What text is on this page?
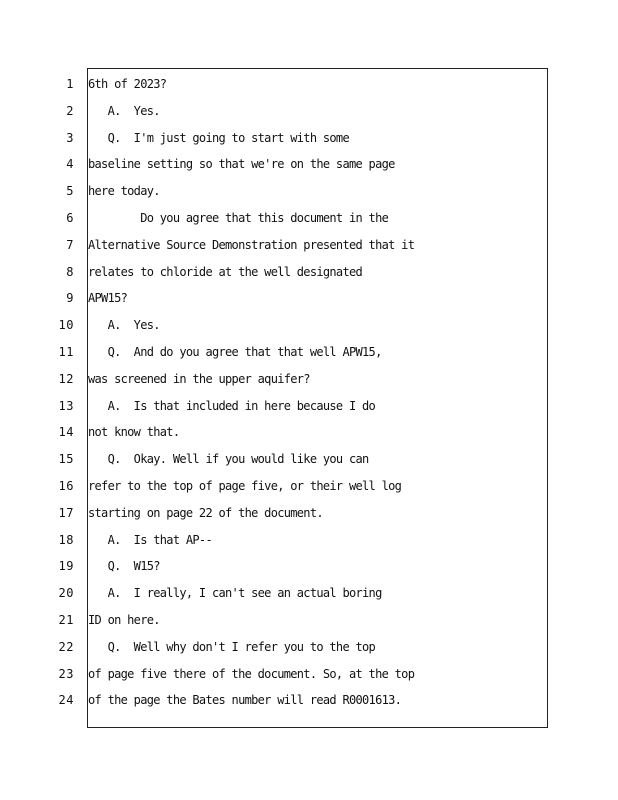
1
2
3
4
5
6
7
8
9
10
11
12
13
14
15
16
17
18
19
20
21
22
23
24
6th of 2023?
A.  Yes.
Q.  I'm just going to start with some
baseline setting so that we're on the same page
here today.
Do you agree that this document in the
Alternative Source Demonstration presented that it
relates to chloride at the well designated
APW15?
A.  Yes.
Q.  And do you agree that that well APW15,
was screened in the upper aquifer?
A.  Is that included in here because I do
not know that.
Q.  Okay. Well if you would like you can
refer to the top of page five, or their well log
starting on page 22 of the document.
A.  Is that AP--
Q.  W15?
A.  I really, I can't see an actual boring
ID on here.
Q.  Well why don't I refer you to the top
of page five there of the document. So, at the top
of the page the Bates number will read R0001613.
